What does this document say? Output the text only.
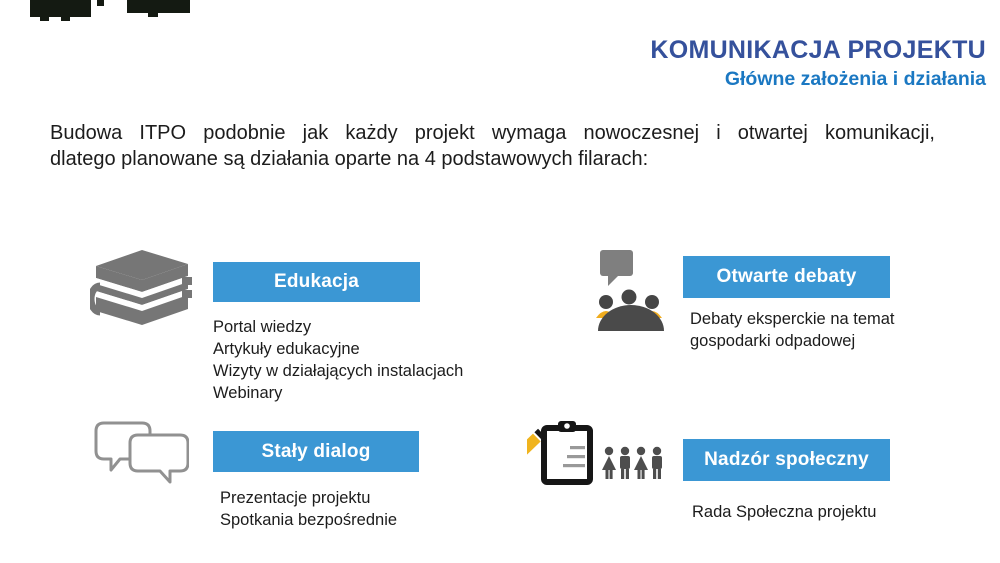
KOMUNIKACJA PROJEKTU
Główne założenia i działania
Budowa ITPO podobnie jak każdy projekt wymaga nowoczesnej i otwartej komunikacji,
dlatego planowane są działania oparte na 4 podstawowych filarach:
Edukacja
Portal wiedzy
Artykuły edukacyjne
Wizyty w działających instalacjach
Webinary
Otwarte debaty
Debaty eksperckie na temat gospodarki odpadowej
Stały dialog
Prezentacje projektu
Spotkania bezpośrednie
Nadzór społeczny
Rada Społeczna projektu
